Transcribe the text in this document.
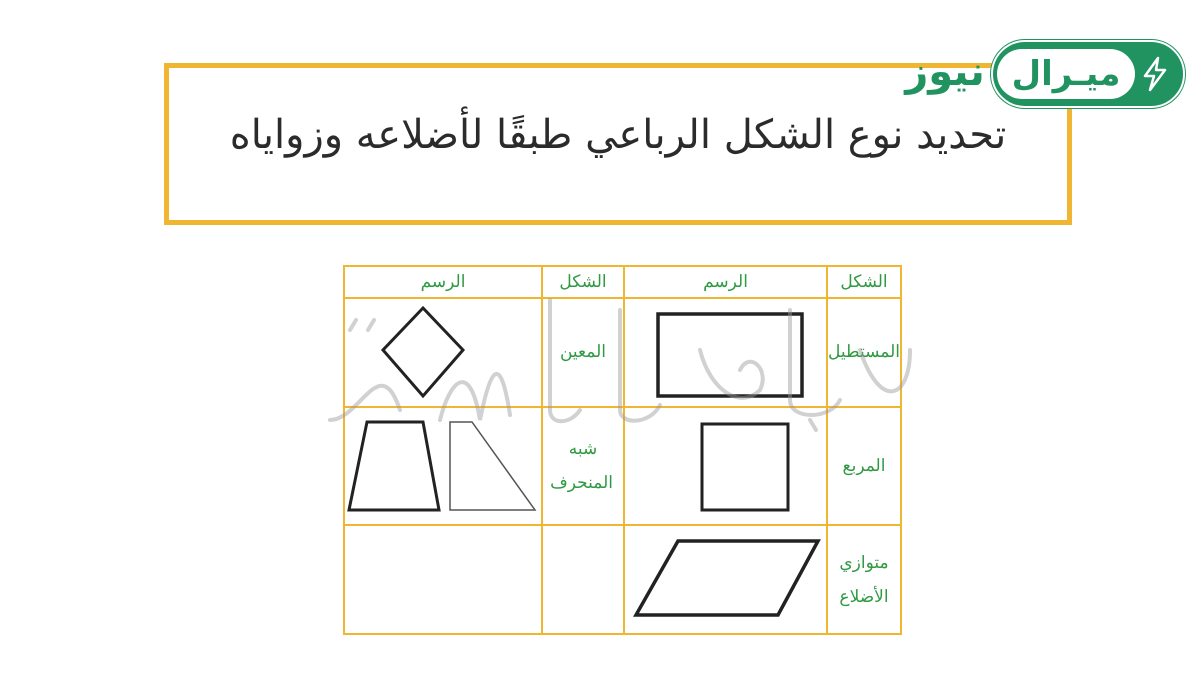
تحديد نوع الشكل الرباعي طبقًا لأضلاعه وزواياه
نيوز ميـرال
الشكل	الرسم	الشكل	الرسم
المستطيل		المعين	

المربع		شبه المنحرف	

متوازي الأضلاع	
